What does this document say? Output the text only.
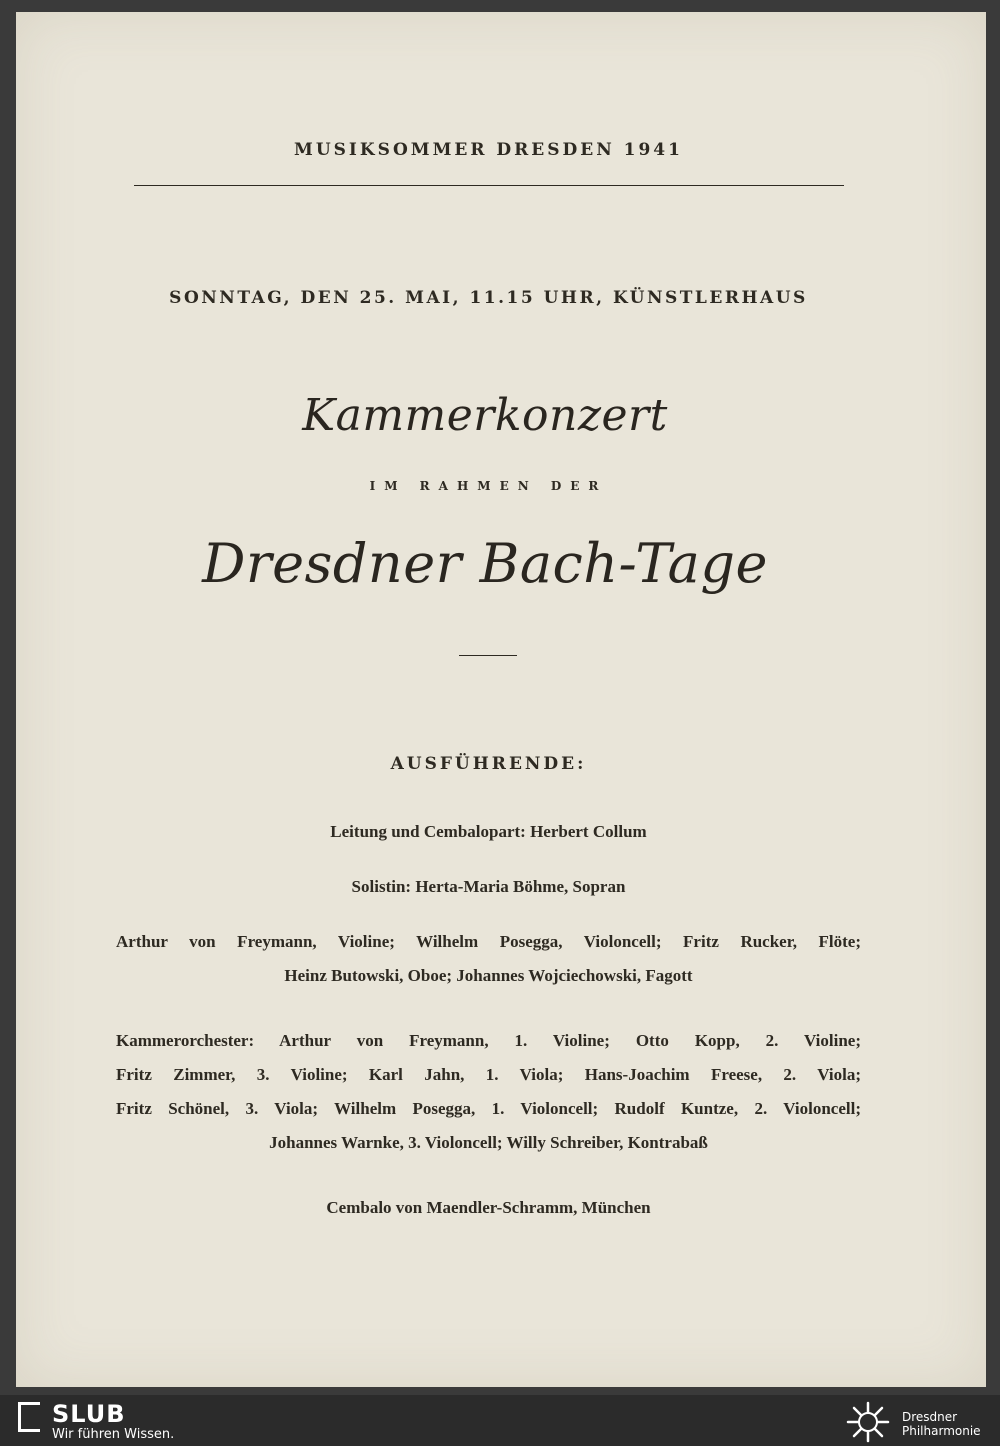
MUSIKSOMMER DRESDEN 1941
SONNTAG, DEN 25. MAI, 11.15 UHR, KÜNSTLERHAUS
Kammerkonzert
IM RAHMEN DER
Dresdner Bach-Tage
AUSFÜHRENDE:
Leitung und Cembalopart: Herbert Collum
Solistin: Herta-Maria Böhme, Sopran
Arthur von Freymann, Violine; Wilhelm Posegga, Violoncell; Fritz Rucker, Flöte;
Heinz Butowski, Oboe; Johannes Wojciechowski, Fagott
Kammerorchester: Arthur von Freymann, 1. Violine; Otto Kopp, 2. Violine;
Fritz Zimmer, 3. Violine; Karl Jahn, 1. Viola; Hans-Joachim Freese, 2. Viola;
Fritz Schönel, 3. Viola; Wilhelm Posegga, 1. Violoncell; Rudolf Kuntze, 2. Violoncell;
Johannes Warnke, 3. Violoncell; Willy Schreiber, Kontrabaß
Cembalo von Maendler-Schramm, München
SLUB
Wir führen Wissen.
Dresdner
Philharmonie
